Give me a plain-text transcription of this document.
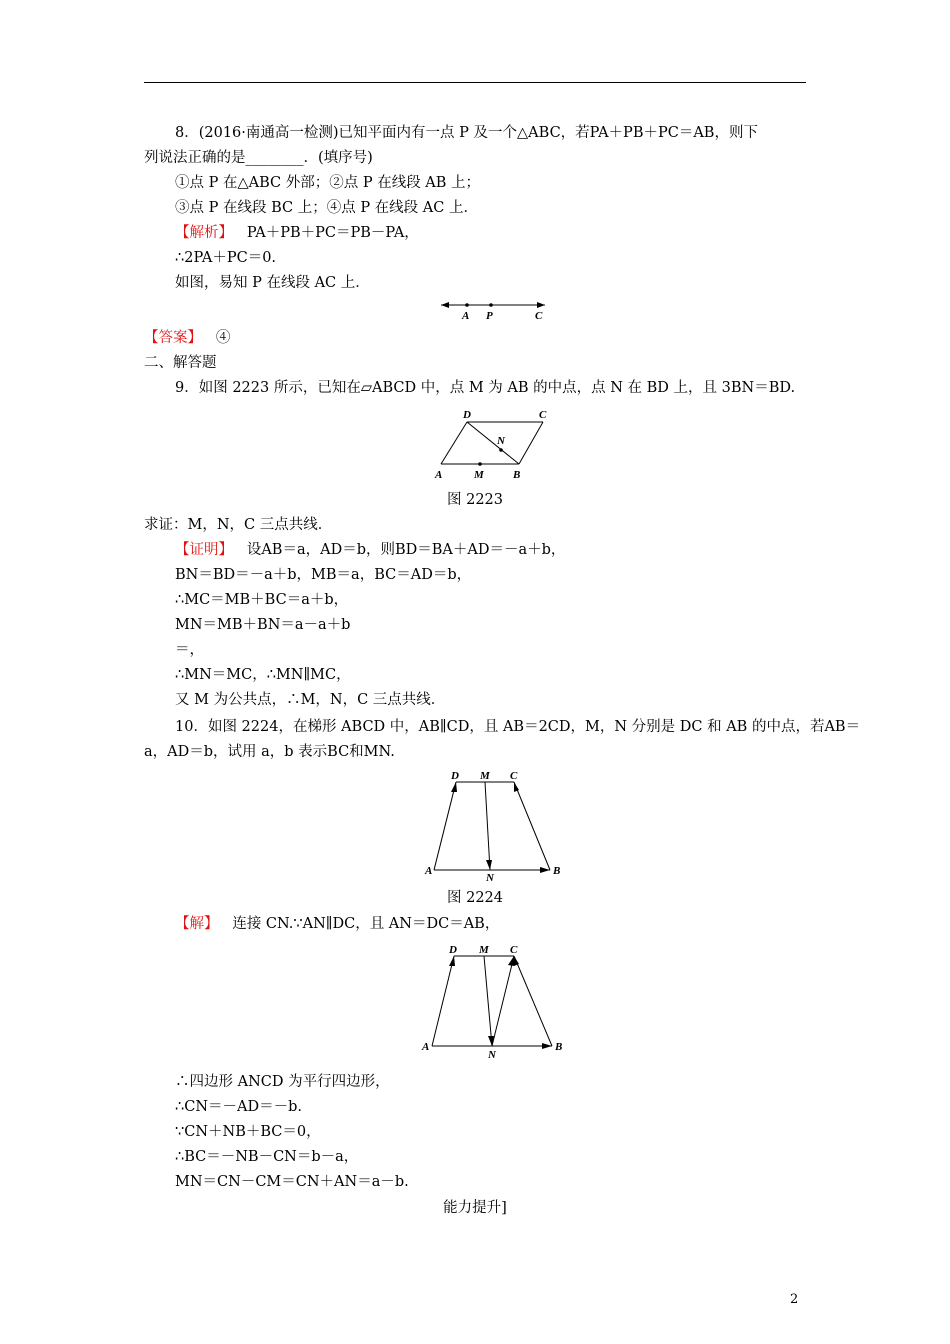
8．(2016·南通高一检测)已知平面内有一点 P 及一个△ABC，若PA＋PB＋PC＝AB，则下
列说法正确的是________．(填序号)
①点 P 在△ABC 外部；②点 P 在线段 AB 上；
③点 P 在线段 BC 上；④点 P 在线段 AC 上．
【解析】 PA＋PB＋PC＝PB－PA，
∴2PA＋PC＝0.
如图，易知 P 在线段 AC 上．
A P	C
【答案】 ④
二、解答题
9．如图 2223 所示，已知在▱ABCD 中，点 M 为 AB 的中点，点 N 在 BD 上，且 3BN＝BD.
D	C
N
A	M	B
图 2223
求证：M，N，C 三点共线．
【证明】 设AB＝a，AD＝b，则BD＝BA＋AD＝－a＋b，
BN＝BD＝－a＋b，MB＝a，BC＝AD＝b，
∴MC＝MB＋BC＝a＋b，
MN＝MB＋BN＝a－a＋b
＝，
∴MN＝MC，∴MN∥MC，
又 M 为公共点，∴M，N，C 三点共线．
10．如图 2224，在梯形 ABCD 中，AB∥CD，且 AB＝2CD，M，N 分别是 DC 和 AB 的中点，若AB＝
a，AD＝b，试用 a，b 表示BC和MN.
D M C
A
N
B
图 2224
【解】 连接 CN.∵AN∥DC，且 AN＝DC＝AB，
D M C
A
N
B
∴四边形 ANCD 为平行四边形，
∴CN＝－AD＝－b.
∵CN＋NB＋BC＝0，
∴BC＝－NB－CN＝b－a，
MN＝CN－CM＝CN＋AN＝a－b.
能力提升]
2
